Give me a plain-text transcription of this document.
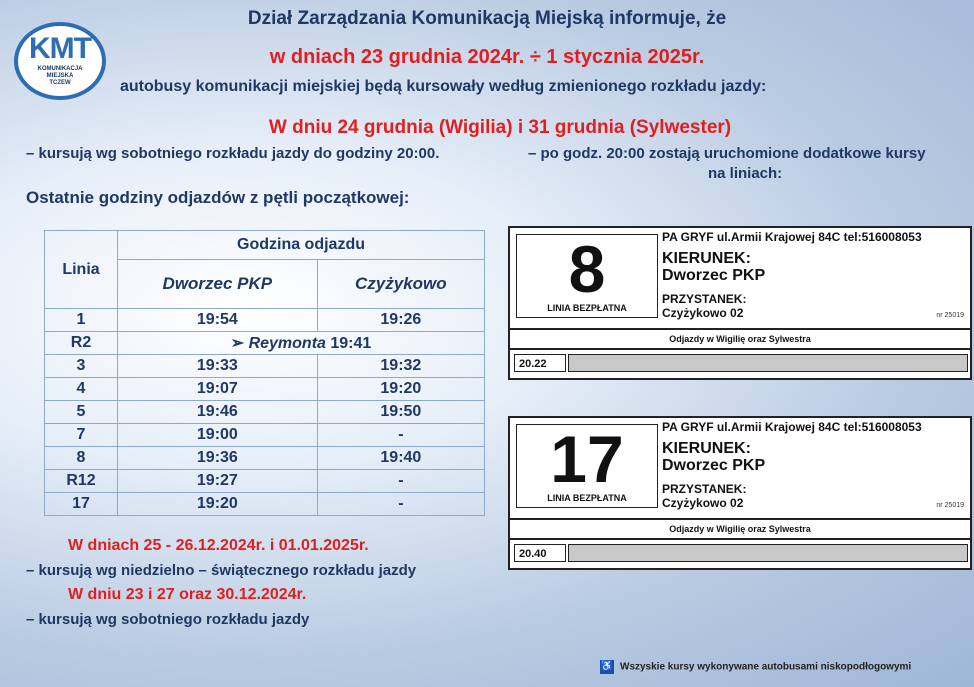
KMT
KOMUNIKACJA
MIEJSKA
TCZEW
Dział Zarządzania Komunikacją Miejską informuje, że
w dniach 23 grudnia 2024r. ÷ 1 stycznia 2025r.
autobusy komunikacji miejskiej będą kursowały według zmienionego rozkładu jazdy:
W dniu 24 grudnia (Wigilia) i 31 grudnia (Sylwester)
– kursują wg sobotniego rozkładu jazdy do godziny 20:00.	– po godz. 20:00 zostają uruchomione dodatkowe kursy
na liniach:
Ostatnie godziny odjazdów z pętli początkowej:
Linia	Godzina odjazdu	
	Dworzec PKP	Czyżykowo
1	19:54	19:26
R2	➢ Reymonta 19:41	
3	19:33	19:32
4	19:07	19:20
5	19:46	19:50
7	19:00	-
8	19:36	19:40
R12	19:27	-
17	19:20	-
W dniach 25 - 26.12.2024r. i 01.01.2025r.
– kursują wg niedzielno – świątecznego rozkładu jazdy
W dniu 23 i 27 oraz 30.12.2024r.
– kursują wg sobotniego rozkładu jazdy
8
LINIA BEZPŁATNA
PA GRYF ul.Armii Krajowej 84C tel:516008053
KIERUNEK:
Dworzec PKP
PRZYSTANEK:
Czyżykowo 02	nr 25019
Odjazdy w Wigilię oraz Sylwestra
20.22
17
LINIA BEZPŁATNA
PA GRYF ul.Armii Krajowej 84C tel:516008053
KIERUNEK:
Dworzec PKP
PRZYSTANEK:
Czyżykowo 02	nr 25019
Odjazdy w Wigilię oraz Sylwestra
20.40
♿ Wszyskie kursy wykonywane autobusami niskopodłogowymi
